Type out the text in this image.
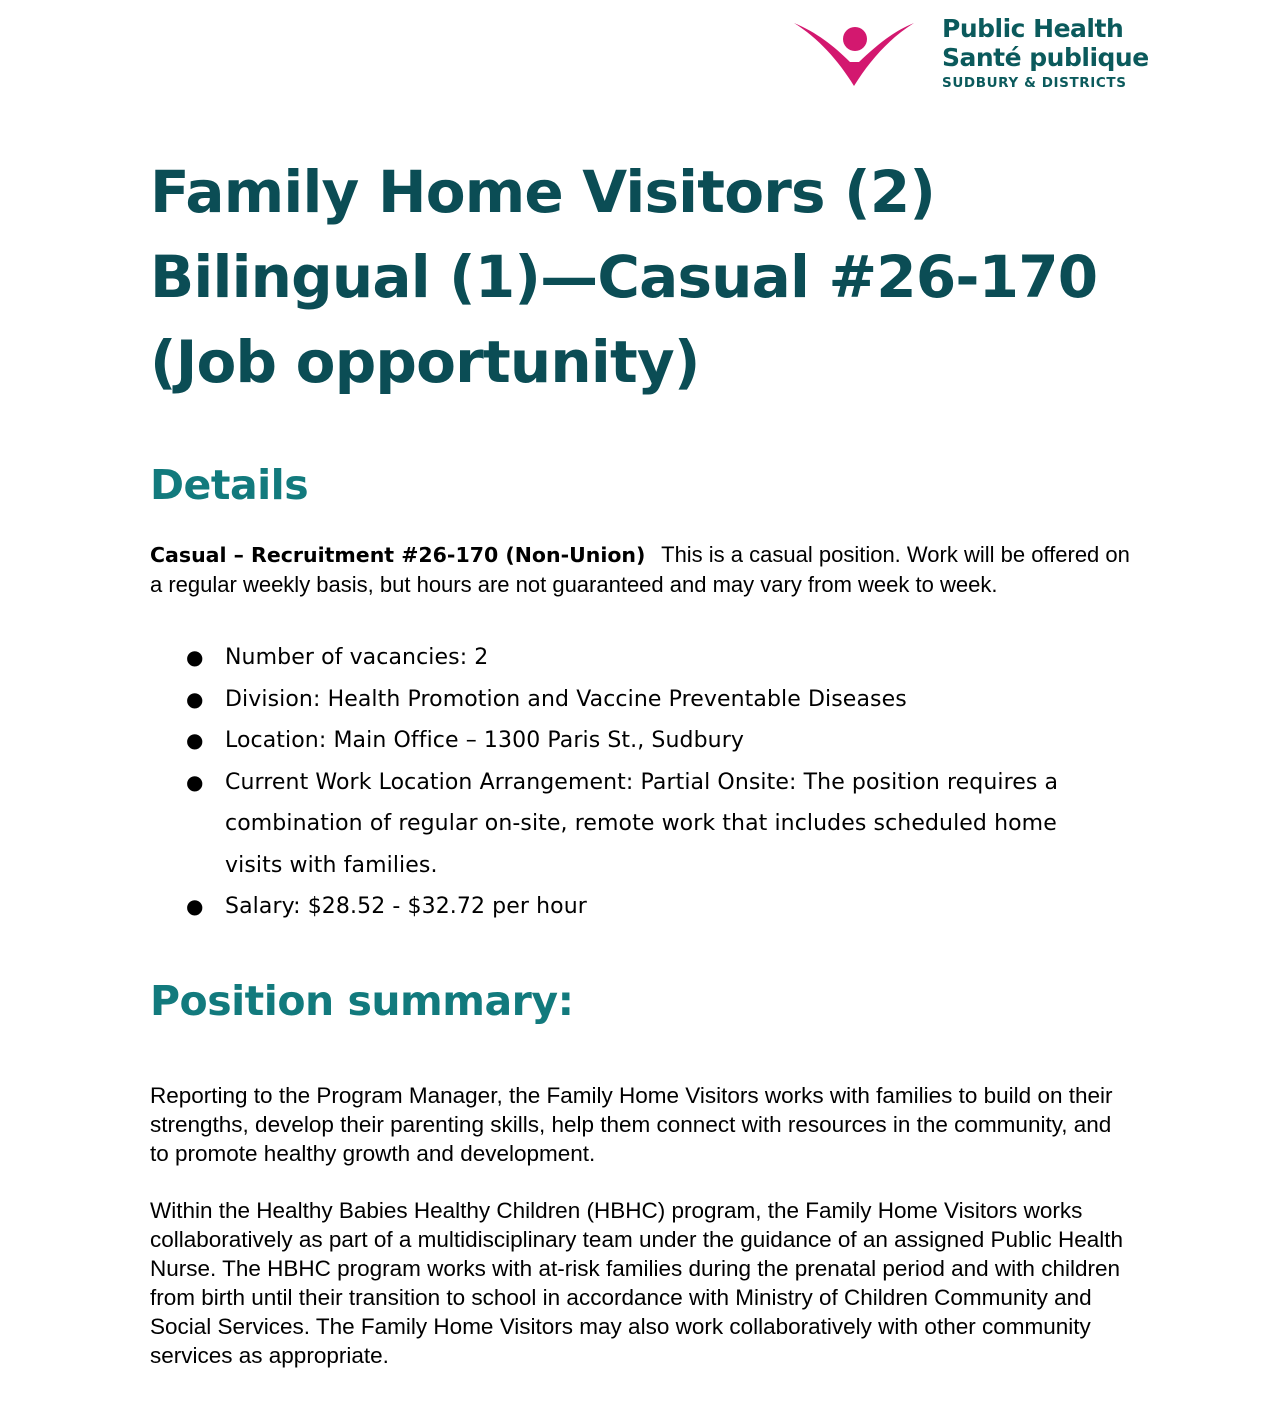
Public Health
Santé publique
SUDBURY & DISTRICTS
Family Home Visitors (2)
Bilingual (1)—Casual #26-170
(Job opportunity)
Details

Casual – Recruitment #26-170 (Non-Union) This is a casual position. Work will be offered on a regular weekly basis, but hours are not guaranteed and may vary from week to week.

● Number of vacancies: 2
● Division: Health Promotion and Vaccine Preventable Diseases
● Location: Main Office – 1300 Paris St., Sudbury
● Current Work Location Arrangement: Partial Onsite: The position requires a combination of regular on-site, remote work that includes scheduled home visits with families.
● Salary: $28.52 - $32.72 per hour
Position summary:

Reporting to the Program Manager, the Family Home Visitors works with families to build on their strengths, develop their parenting skills, help them connect with resources in the community, and to promote healthy growth and development.

Within the Healthy Babies Healthy Children (HBHC) program, the Family Home Visitors works collaboratively as part of a multidisciplinary team under the guidance of an assigned Public Health Nurse. The HBHC program works with at-risk families during the prenatal period and with children from birth until their transition to school in accordance with Ministry of Children Community and Social Services. The Family Home Visitors may also work collaboratively with other community services as appropriate.
